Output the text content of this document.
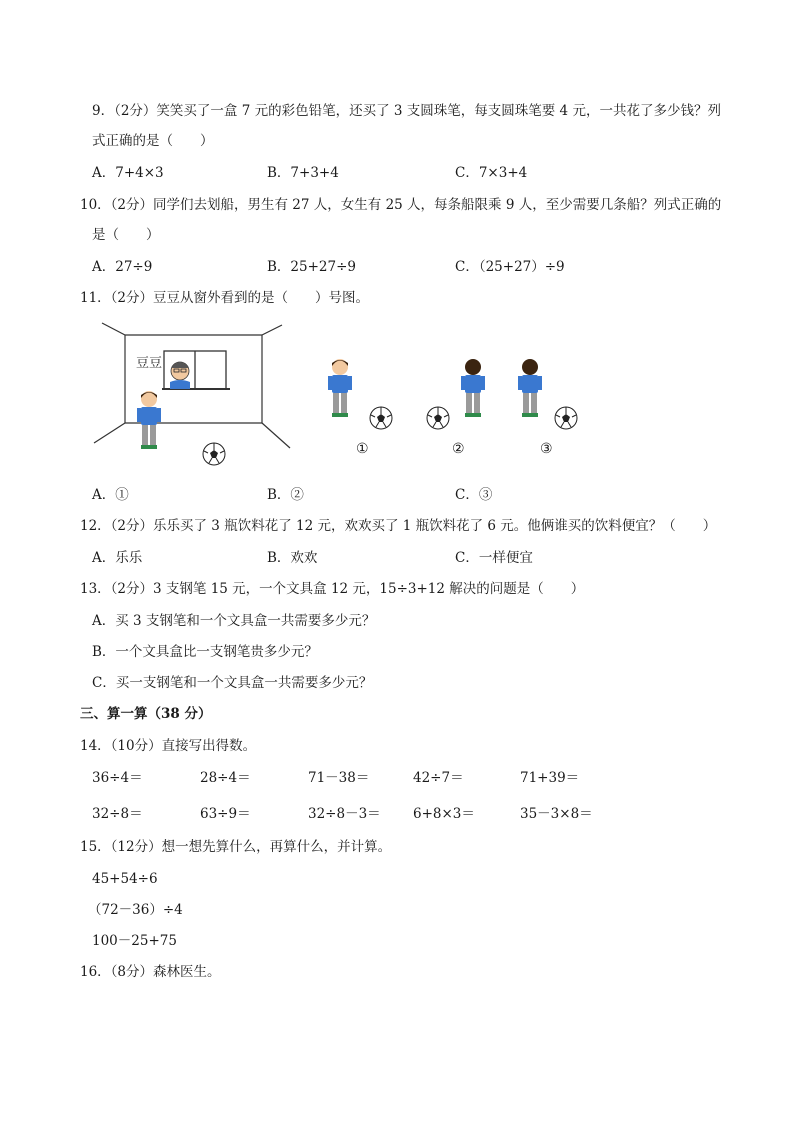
9．（2分）笑笑买了一盒 7 元的彩色铅笔，还买了 3 支圆珠笔，每支圆珠笔要 4 元，一共花了多少钱？列
式正确的是（　　）
A．7+4×3	B．7+3+4	C．7×3+4
10．（2分）同学们去划船，男生有 27 人，女生有 25 人，每条船限乘 9 人，至少需要几条船？列式正确的
是（　　）
A．27÷9	B．25+27÷9	C．（25+27）÷9
11．（2分）豆豆从窗外看到的是（　　）号图。
豆豆
①	②	③
A．①	B．②	C．③
12．（2分）乐乐买了 3 瓶饮料花了 12 元，欢欢买了 1 瓶饮料花了 6 元。他俩谁买的饮料便宜？（　　）
A．乐乐	B．欢欢	C．一样便宜
13．（2分）3 支钢笔 15 元，一个文具盒 12 元，15÷3+12 解决的问题是（　　）
A．买 3 支钢笔和一个文具盒一共需要多少元？
B．一个文具盒比一支钢笔贵多少元？
C．买一支钢笔和一个文具盒一共需要多少元？
三、算一算（38 分）
14．（10分）直接写出得数。
36÷4＝	28÷4＝	71－38＝	42÷7＝	71+39＝
32÷8＝	63÷9＝	32÷8－3＝ 6+8×3＝	35－3×8＝
15．（12分）想一想先算什么，再算什么，并计算。
45+54÷6
（72－36）÷4
100－25+75
16．（8分）森林医生。
